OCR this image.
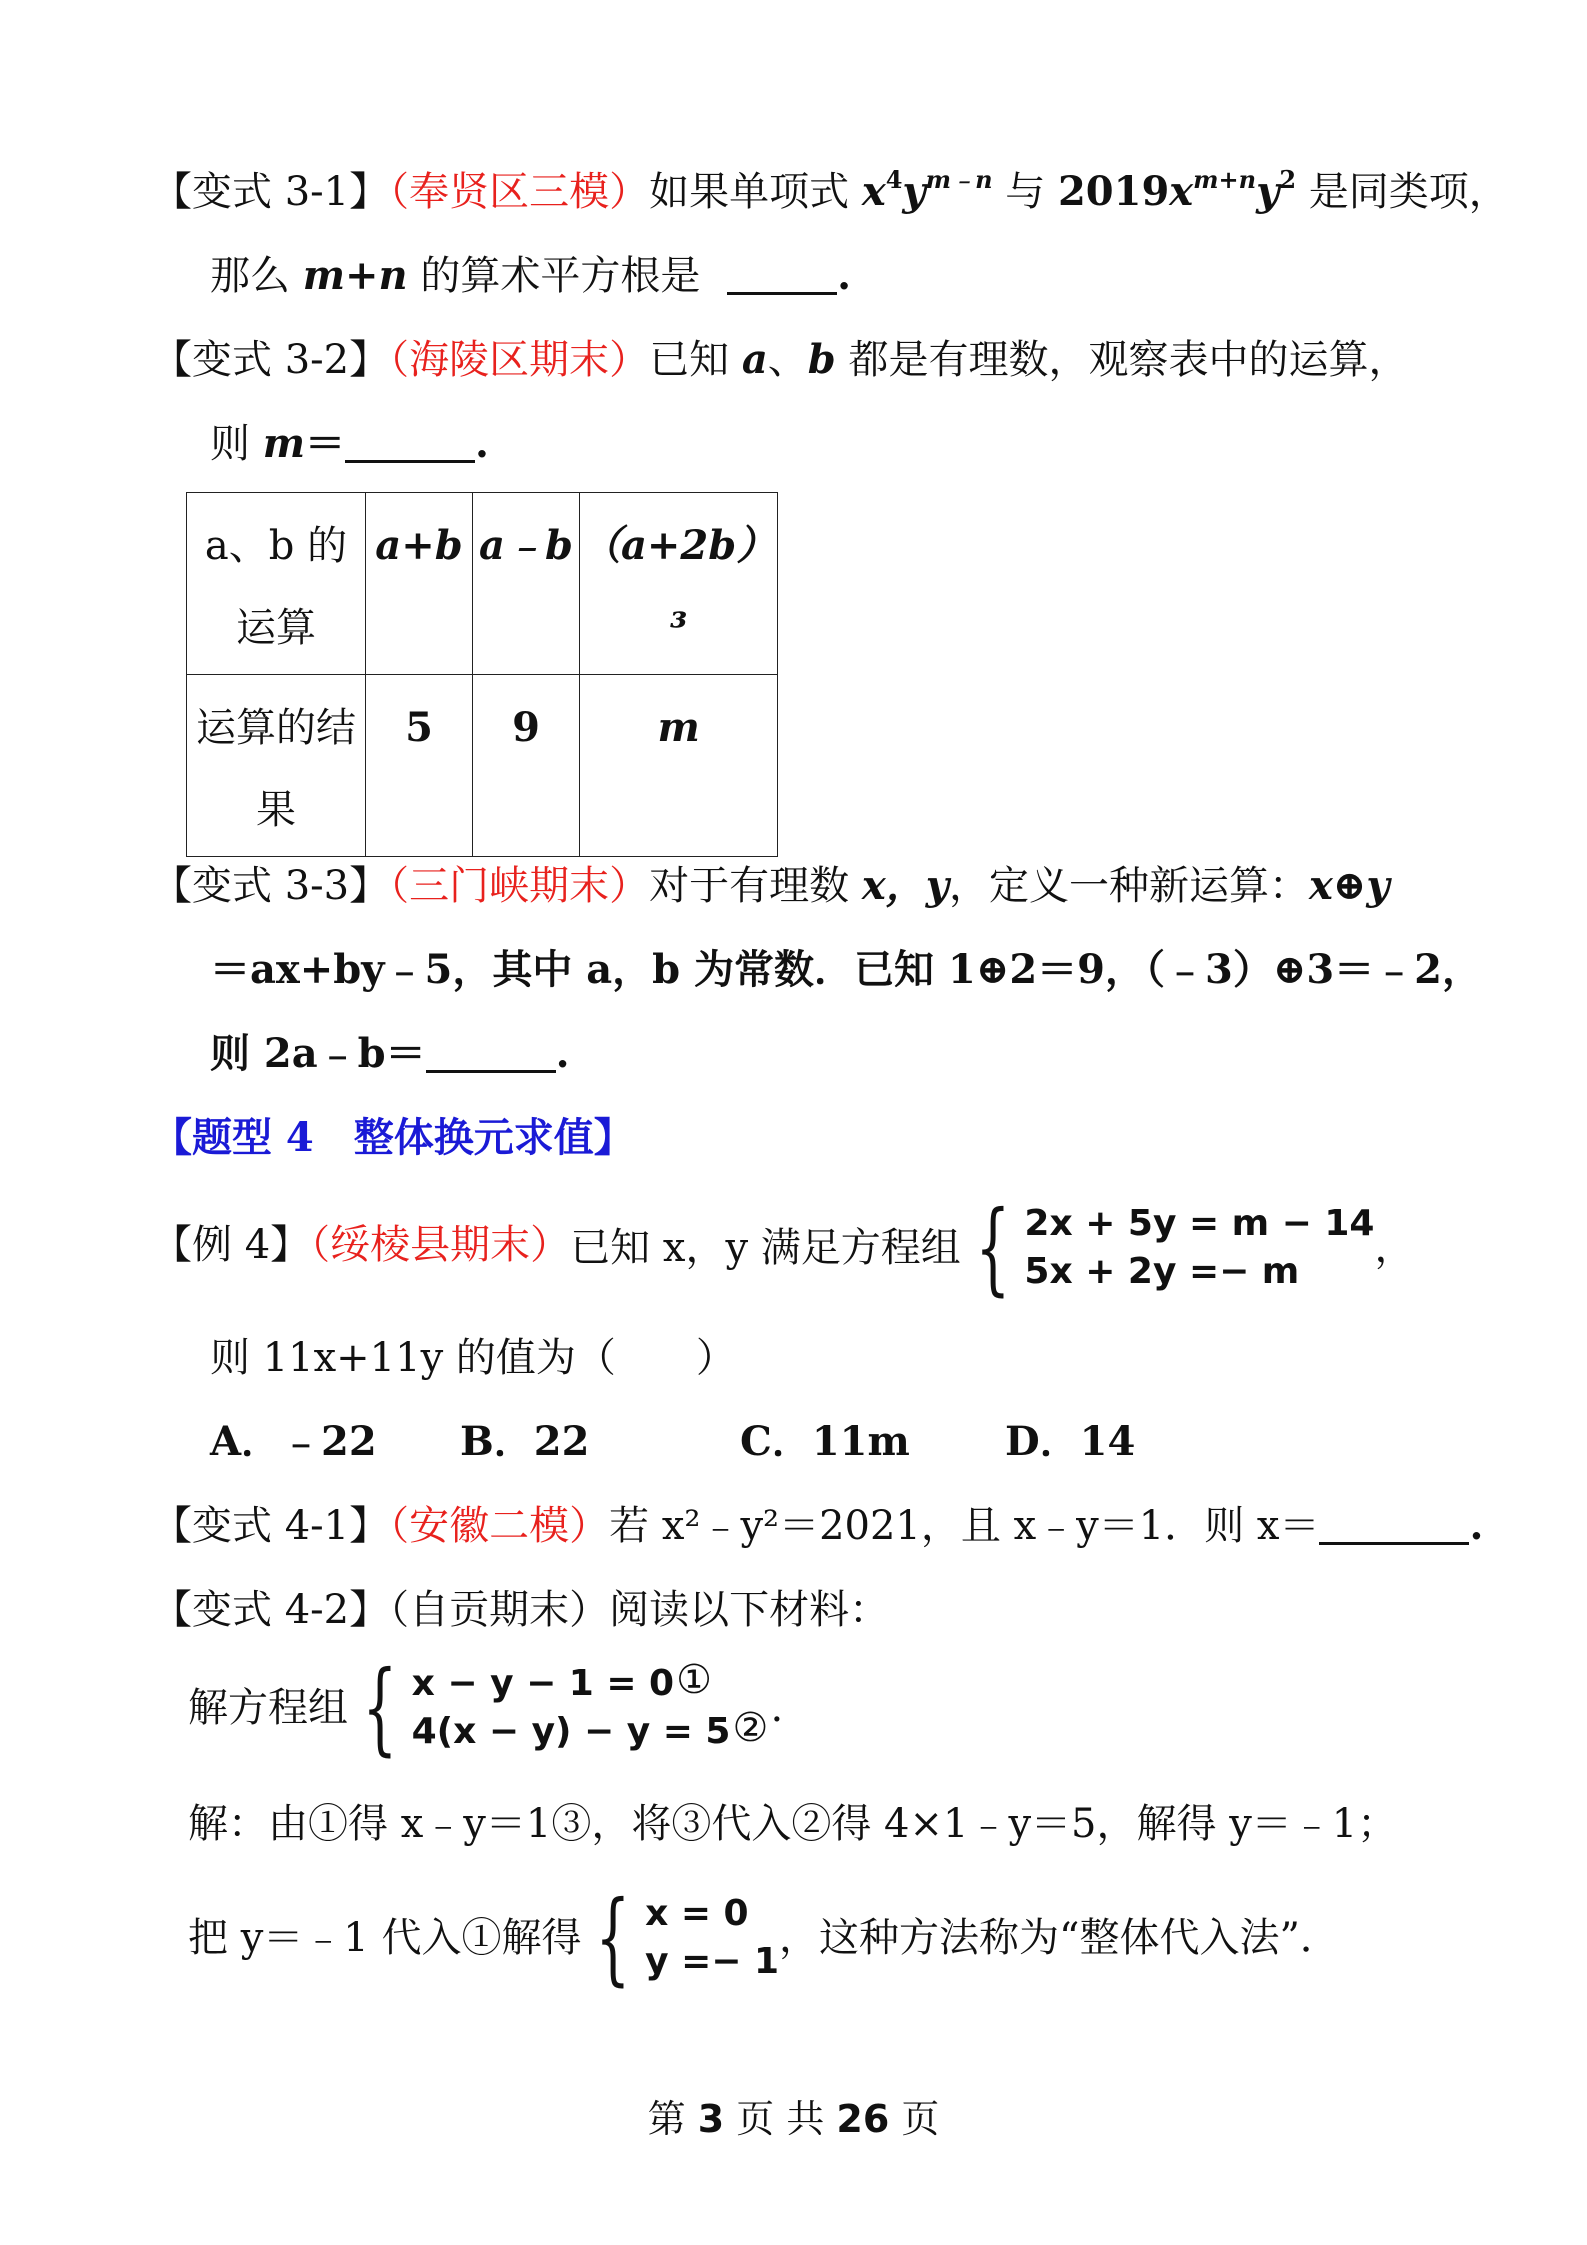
【变式 3-1】（奉贤区三模）如果单项式 $x^4y^{m﹣n}$ 与 $2019x^{m+n}y^2$ 是同类项，
那么 m+n 的算术平方根是	.
【变式 3-2】（海陵区期末）已知 a、b 都是有理数，观察表中的运算，
则 m＝	.
a、b 的运算	a+b	a﹣b	（a+2b）³
运算的结果	5	9	m
【变式 3-3】（三门峡期末）对于有理数 x，y，定义一种新运算：x⊕y
＝ax+by﹣5，其中 a，b 为常数．已知 1⊕2＝9，（﹣3）⊕3＝﹣2，
则 2a﹣b＝	.
【题型 4　整体换元求值】
【例 4】（绥棱县期末）已知 x，y 满足方程组 { 2x + 5y = m − 14
5x + 2y =− m，
则 11x+11y 的值为（　　）
A．﹣22 B．22	C．11m D．14
【变式 4-1】（安徽二模）若 x²﹣y²＝2021，且 x﹣y＝1．则 x＝	.
【变式 4-2】（自贡期末）阅读以下材料：
解方程组 { x − y − 1 = 0①
4(x − y) − y = 5②.
解：由①得 x﹣y＝1③，将③代入②得 4×1﹣y＝5，解得 y＝﹣1；
把 y＝﹣1 代入①解得 { x = 0
y =− 1，这种方法称为“整体代入法”．
第 3 页 共 26 页
